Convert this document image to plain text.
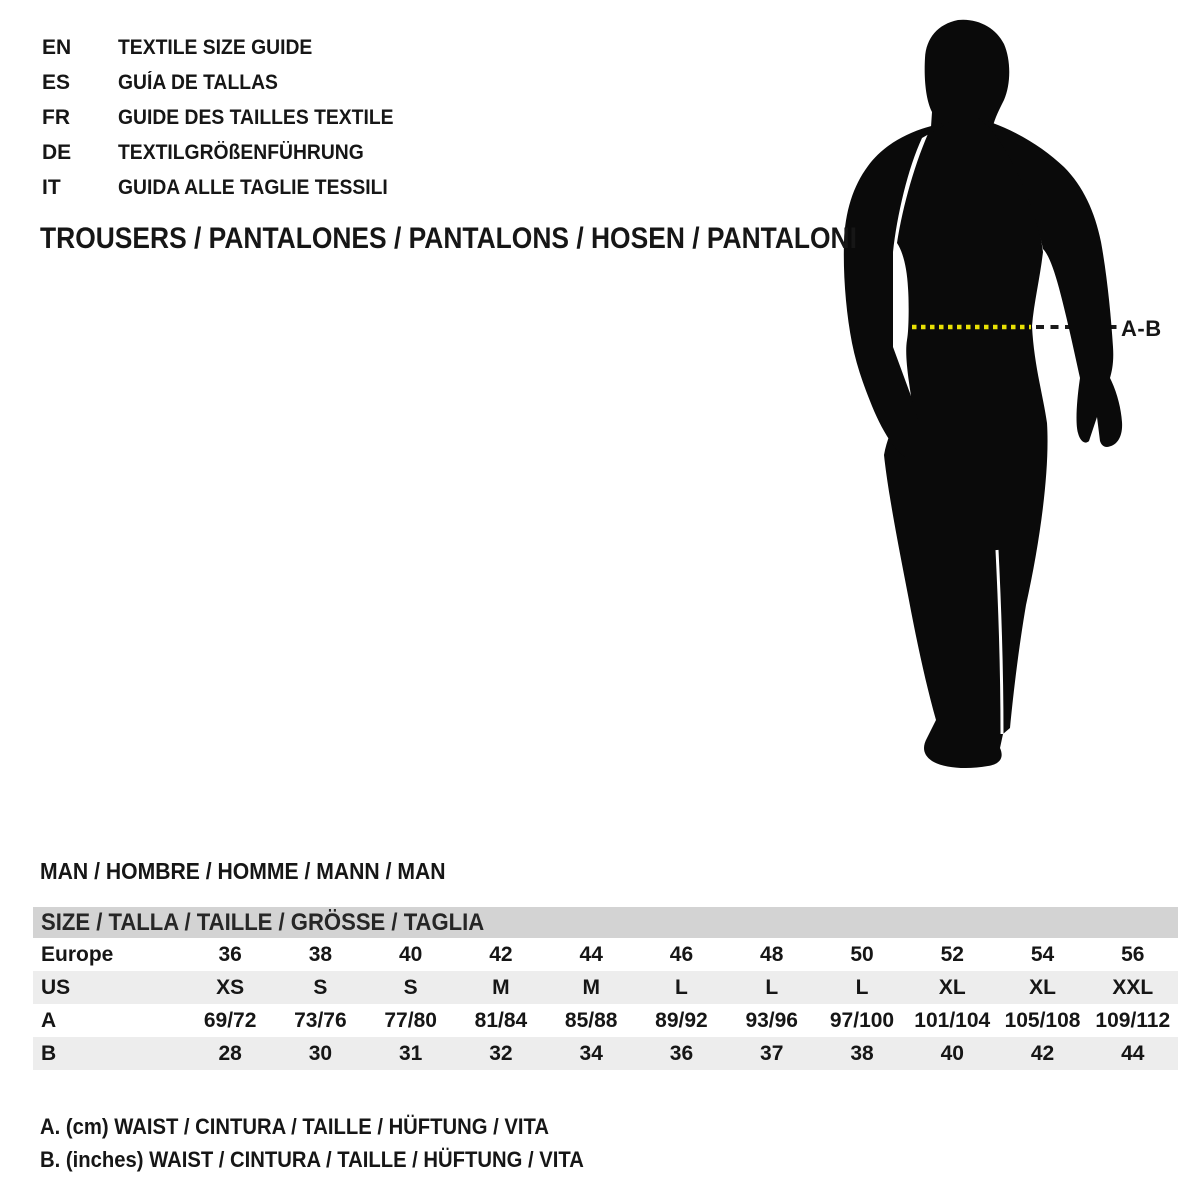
A-B
EN TEXTILE SIZE GUIDE
ES GUÍA DE TALLAS
FR GUIDE DES TAILLES TEXTILE
DE TEXTILGRÖßENFÜHRUNG
IT	GUIDA ALLE TAGLIE TESSILI
TROUSERS / PANTALONES / PANTALONS / HOSEN / PANTALONI
MAN / HOMBRE / HOMME / MANN / MAN
SIZE / TALLA / TAILLE / GRÖSSE / TAGLIA
Europe	36	38	40	42	44	46	48	50	52	54	56
US	XS	S	S	M	M	L	L	L	XL	XL	XXL
A	69/72	73/76	77/80	81/84	85/88	89/92	93/96	97/100 101/104 105/108 109/112
B	28	30	31	32	34	36	37	38	40	42	44
A. (cm) WAIST / CINTURA / TAILLE / HÜFTUNG / VITA
B. (inches) WAIST / CINTURA / TAILLE / HÜFTUNG / VITA
